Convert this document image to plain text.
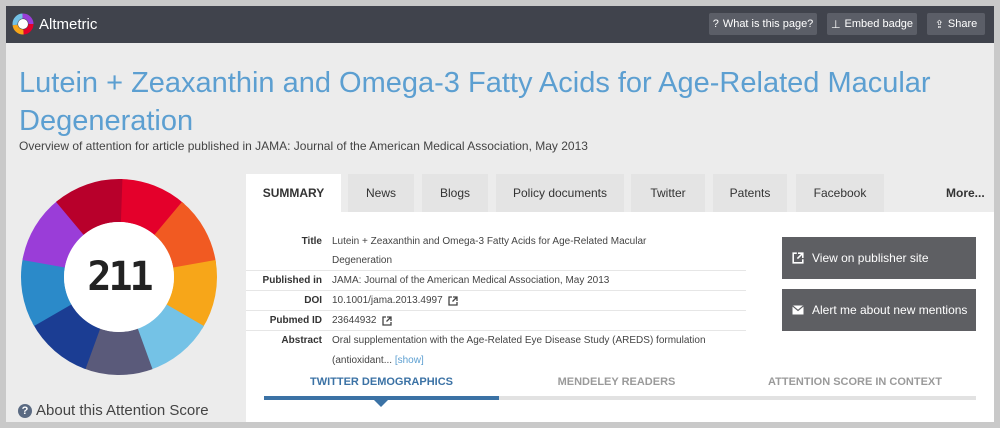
Altmetric	? What is this page? ⊥ Embed badge ⇪ Share
Lutein + Zeaxanthin and Omega-3 Fatty Acids for Age-Related Macular Degeneration
Overview of attention for article published in JAMA: Journal of the American Medical Association, May 2013
211
? About this Attention Score
SUMMARY	News	Blogs	Policy documents	Twitter	Patents	Facebook	More...
Title	Lutein + Zeaxanthin and Omega-3 Fatty Acids for Age-Related Macular Degeneration
Published in	JAMA: Journal of the American Medical Association, May 2013
DOI	10.1001/jama.2013.4997
Pubmed ID	23644932
Abstract	Oral supplementation with the Age-Related Eye Disease Study (AREDS) formulation (antioxidant... [show]
View on publisher site
Alert me about new mentions
TWITTER DEMOGRAPHICS	MENDELEY READERS	ATTENTION SCORE IN CONTEXT
